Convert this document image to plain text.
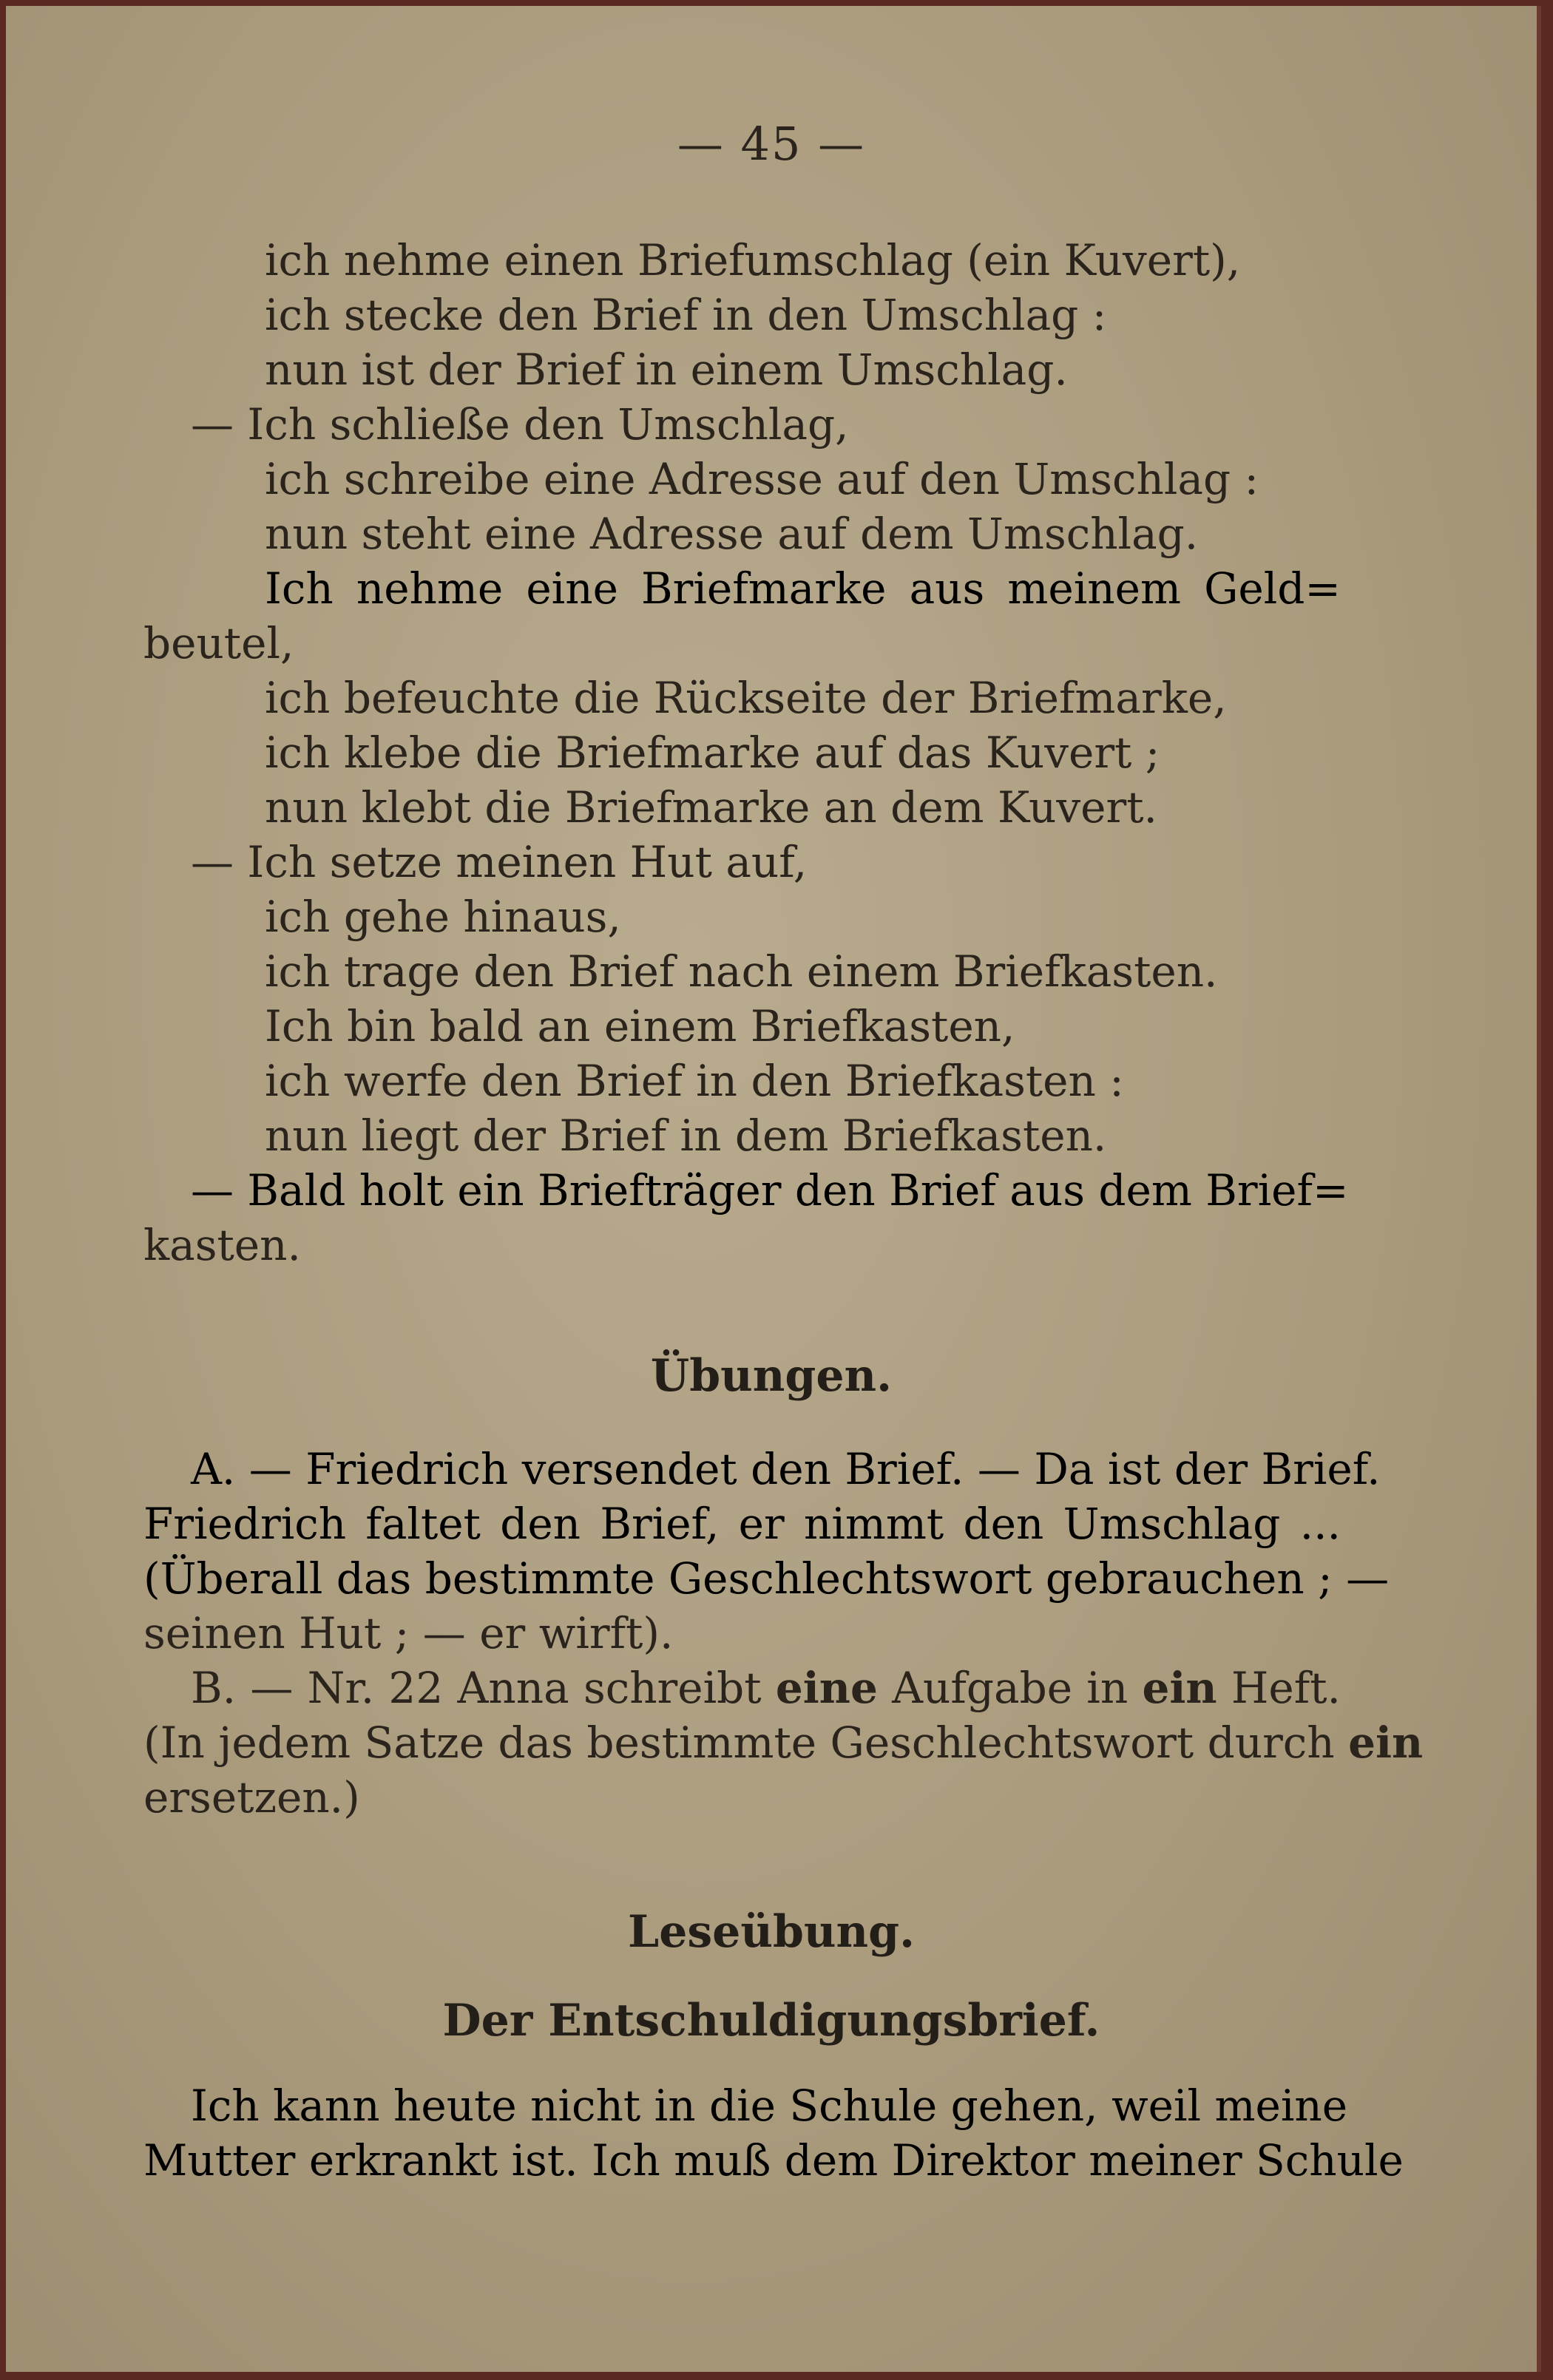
— 45 —
ich nehme einen Briefumschlag (ein Kuvert),
ich stecke den Brief in den Umschlag :
nun ist der Brief in einem Umschlag.
— Ich schließe den Umschlag,
ich schreibe eine Adresse auf den Umschlag :
nun steht eine Adresse auf dem Umschlag.
Ich nehme eine Briefmarke aus meinem Geld=
beutel,
ich befeuchte die Rückseite der Briefmarke,
ich klebe die Briefmarke auf das Kuvert ;
nun klebt die Briefmarke an dem Kuvert.
— Ich setze meinen Hut auf,
ich gehe hinaus,
ich trage den Brief nach einem Briefkasten.
Ich bin bald an einem Briefkasten,
ich werfe den Brief in den Briefkasten :
nun liegt der Brief in dem Briefkasten.
— Bald holt ein Briefträger den Brief aus dem Brief=
kasten.
Übungen.
A. — Friedrich versendet den Brief. — Da ist der Brief.
Friedrich faltet den Brief, er nimmt den Umschlag ...
(Überall das bestimmte Geschlechtswort gebrauchen ; —
seinen Hut ; — er wirft).
B. — Nr. 22 Anna schreibt eine Aufgabe in ein Heft.
(In jedem Satze das bestimmte Geschlechtswort durch ein
ersetzen.)
Leseübung.
Der Entschuldigungsbrief.
Ich kann heute nicht in die Schule gehen, weil meine
Mutter erkrankt ist. Ich muß dem Direktor meiner Schule
